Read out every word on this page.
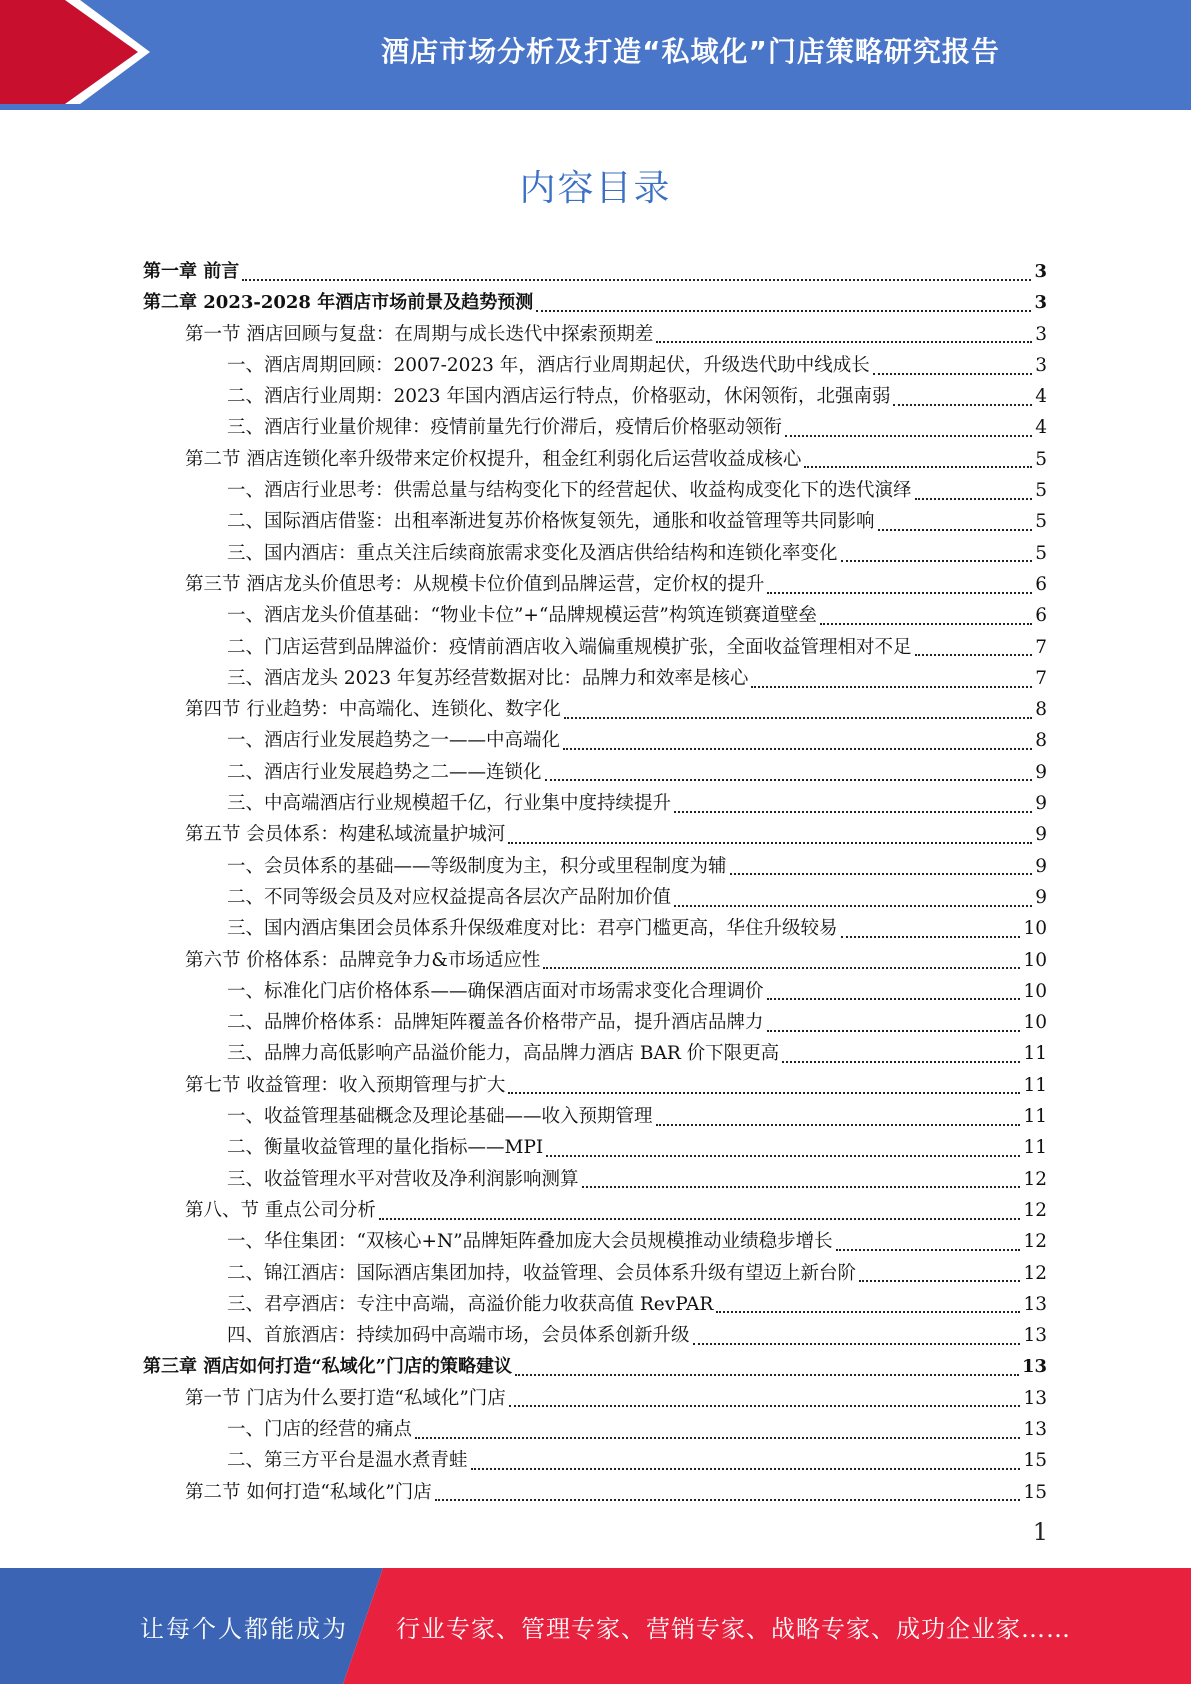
酒店市场分析及打造“私域化”门店策略研究报告
内容目录
第一章 前言	3
第二章 2023-2028 年酒店市场前景及趋势预测	3
第一节 酒店回顾与复盘：在周期与成长迭代中探索预期差	3
一、酒店周期回顾：2007-2023 年，酒店行业周期起伏，升级迭代助中线成长	3
二、酒店行业周期：2023 年国内酒店运行特点，价格驱动，休闲领衔，北强南弱	4
三、酒店行业量价规律：疫情前量先行价滞后，疫情后价格驱动领衔	4
第二节 酒店连锁化率升级带来定价权提升，租金红利弱化后运营收益成核心	5
一、酒店行业思考：供需总量与结构变化下的经营起伏、收益构成变化下的迭代演绎	5
二、国际酒店借鉴：出租率渐进复苏价格恢复领先，通胀和收益管理等共同影响	5
三、国内酒店：重点关注后续商旅需求变化及酒店供给结构和连锁化率变化	5
第三节 酒店龙头价值思考：从规模卡位价值到品牌运营，定价权的提升	6
一、酒店龙头价值基础：“物业卡位”+“品牌规模运营”构筑连锁赛道壁垒	6
二、门店运营到品牌溢价：疫情前酒店收入端偏重规模扩张，全面收益管理相对不足	7
三、酒店龙头 2023 年复苏经营数据对比：品牌力和效率是核心	7
第四节 行业趋势：中高端化、连锁化、数字化	8
一、酒店行业发展趋势之一——中高端化	8
二、酒店行业发展趋势之二——连锁化	9
三、中高端酒店行业规模超千亿，行业集中度持续提升	9
第五节 会员体系：构建私域流量护城河	9
一、会员体系的基础——等级制度为主，积分或里程制度为辅	9
二、不同等级会员及对应权益提高各层次产品附加价值	9
三、国内酒店集团会员体系升保级难度对比：君亭门槛更高，华住升级较易	10
第六节 价格体系：品牌竞争力&市场适应性	10
一、标准化门店价格体系——确保酒店面对市场需求变化合理调价	10
二、品牌价格体系：品牌矩阵覆盖各价格带产品，提升酒店品牌力	10
三、品牌力高低影响产品溢价能力，高品牌力酒店 BAR 价下限更高	11
第七节 收益管理：收入预期管理与扩大	11
一、收益管理基础概念及理论基础——收入预期管理	11
二、衡量收益管理的量化指标——MPI	11
三、收益管理水平对营收及净利润影响测算	12
第八、节 重点公司分析	12
一、华住集团：“双核心+N”品牌矩阵叠加庞大会员规模推动业绩稳步增长	12
二、锦江酒店：国际酒店集团加持，收益管理、会员体系升级有望迈上新台阶	12
三、君亭酒店：专注中高端，高溢价能力收获高值 RevPAR	13
四、首旅酒店：持续加码中高端市场，会员体系创新升级	13
第三章 酒店如何打造“私域化”门店的策略建议	13
第一节 门店为什么要打造“私域化”门店	13
一、门店的经营的痛点	13
二、第三方平台是温水煮青蛙	15
第二节 如何打造“私域化”门店	15
1
让每个人都能成为 行业专家、管理专家、营销专家、战略专家、成功企业家……
